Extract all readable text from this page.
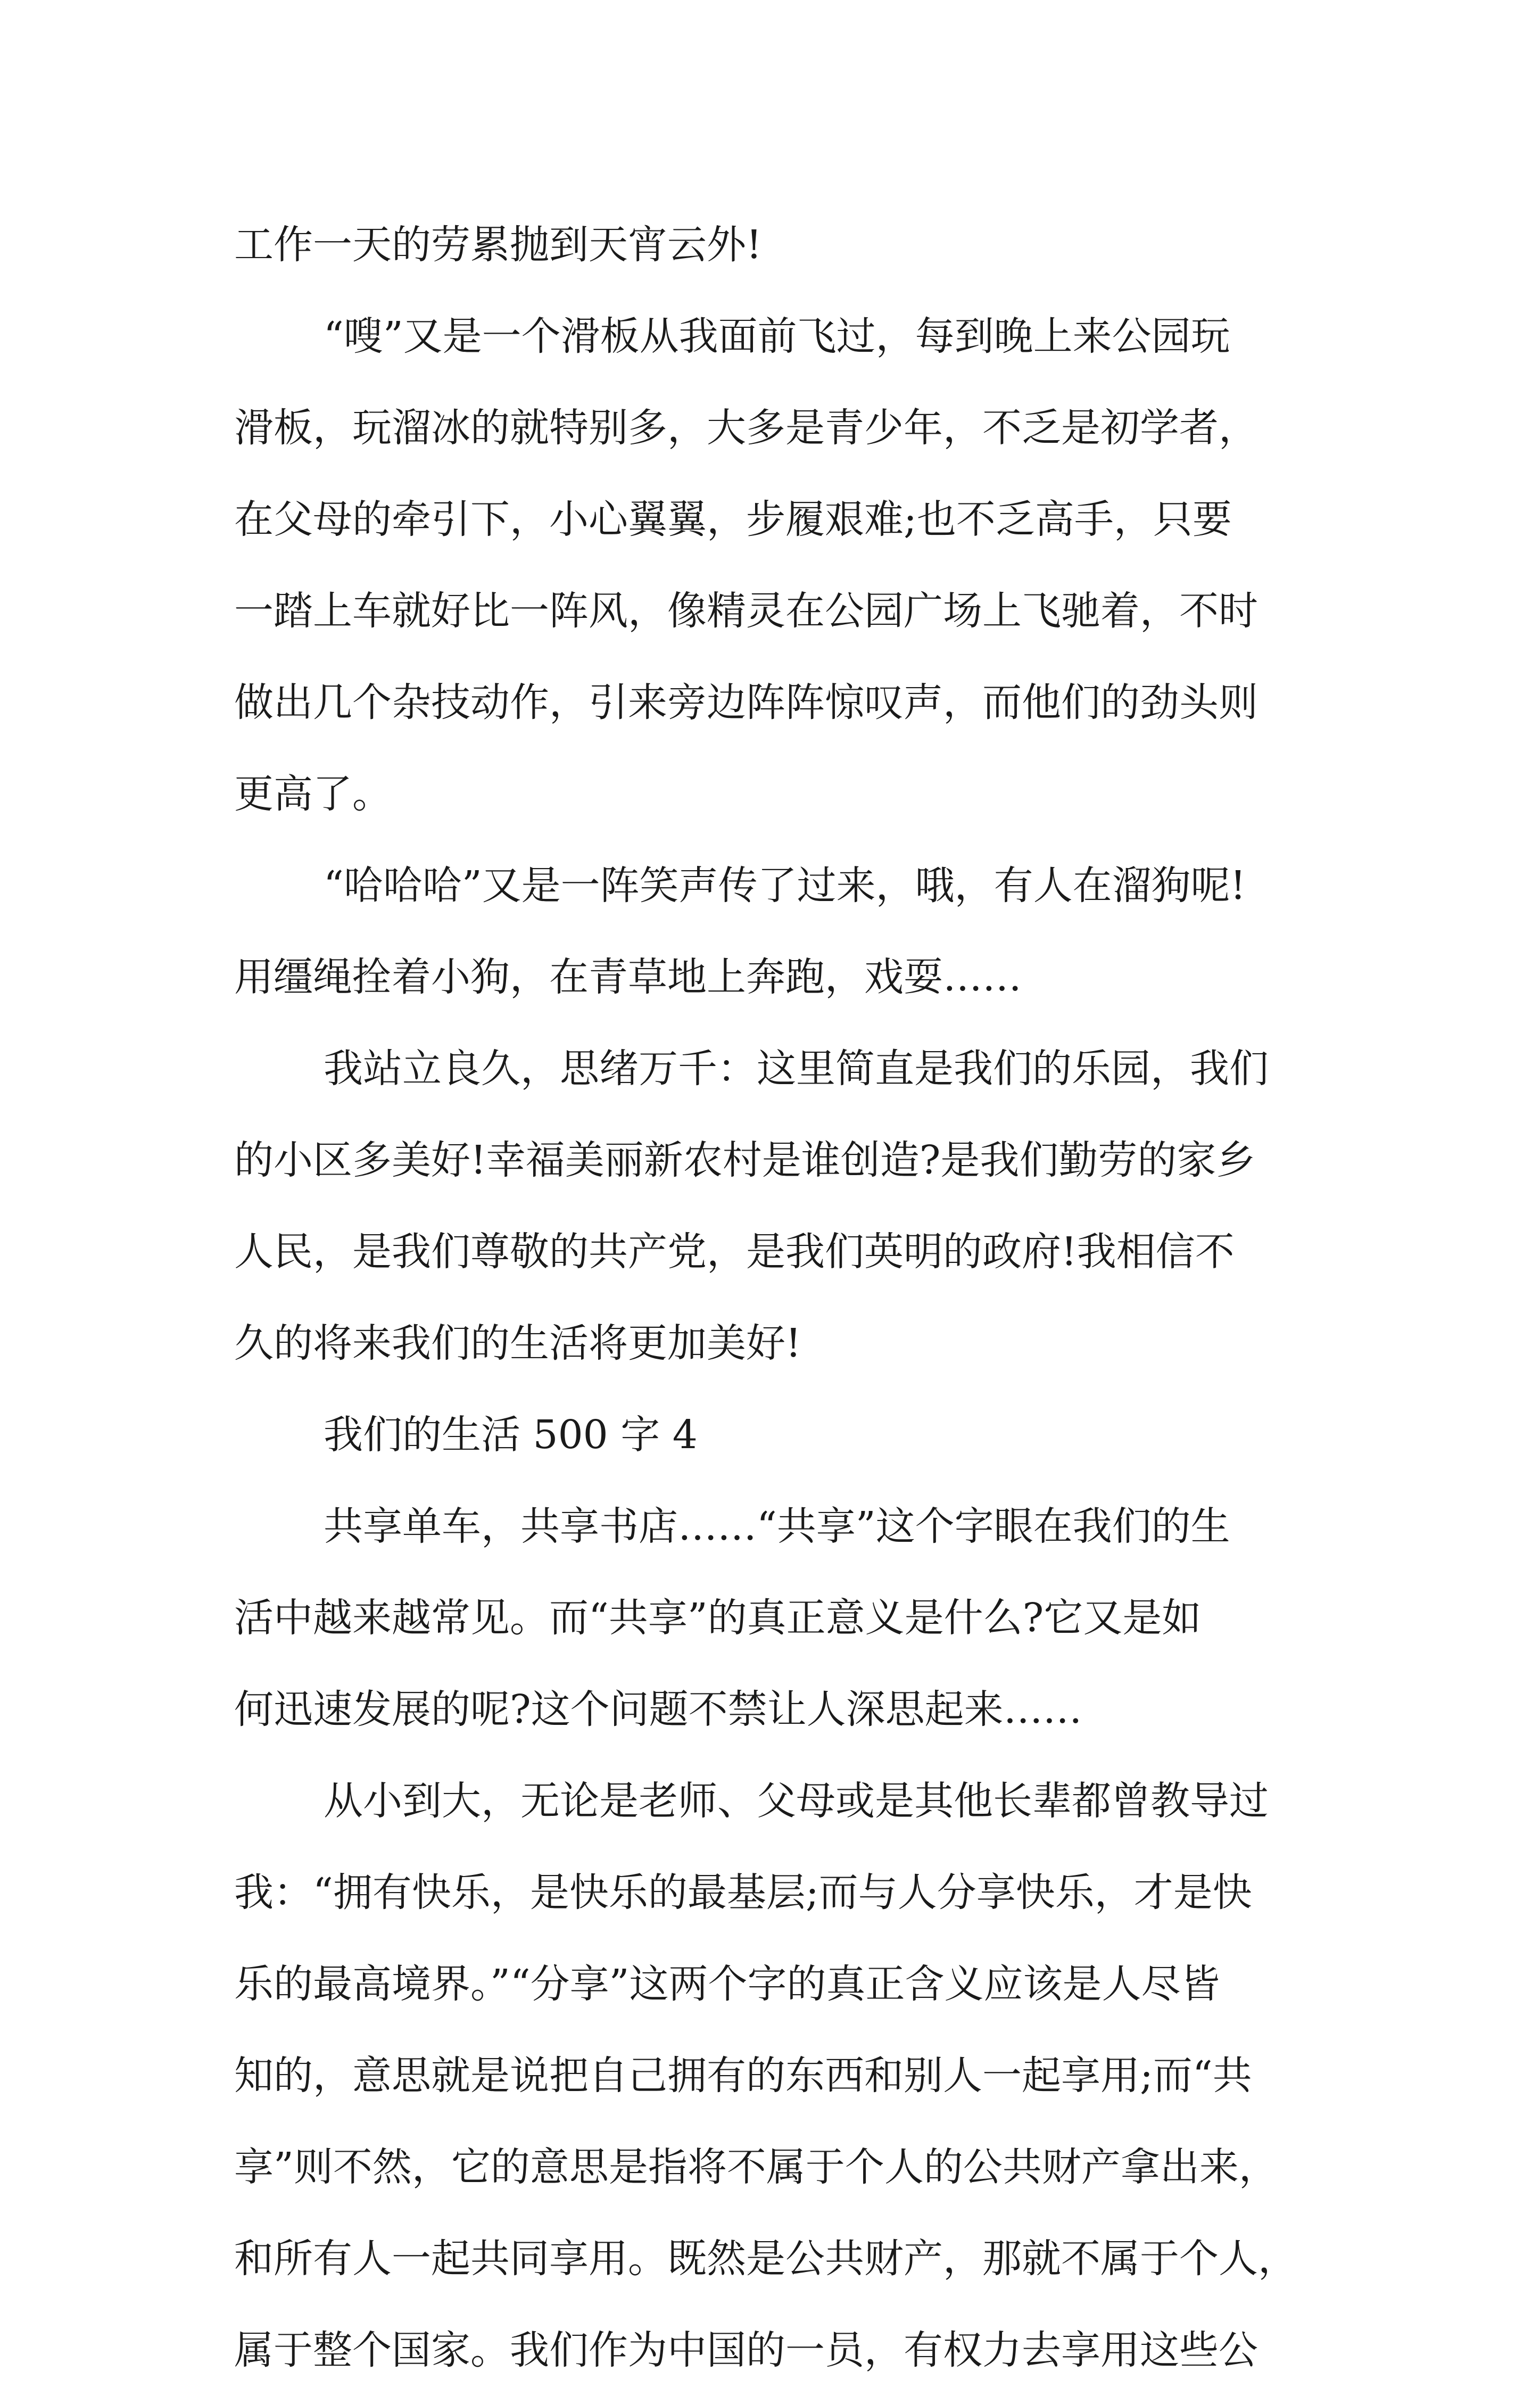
工作一天的劳累抛到天宵云外!
“嗖”又是一个滑板从我面前飞过，每到晚上来公园玩
滑板，玩溜冰的就特别多，大多是青少年，不乏是初学者，
在父母的牵引下，小心翼翼，步履艰难;也不乏高手，只要
一踏上车就好比一阵风，像精灵在公园广场上飞驰着，不时
做出几个杂技动作，引来旁边阵阵惊叹声，而他们的劲头则
更高了。
“哈哈哈”又是一阵笑声传了过来，哦，有人在溜狗呢!
用缰绳拴着小狗，在青草地上奔跑，戏耍……
我站立良久，思绪万千：这里简直是我们的乐园，我们
的小区多美好!幸福美丽新农村是谁创造?是我们勤劳的家乡
人民，是我们尊敬的共产党，是我们英明的政府!我相信不
久的将来我们的生活将更加美好!
我们的生活 500 字 4
共享单车，共享书店……“共享”这个字眼在我们的生
活中越来越常见。而“共享”的真正意义是什么?它又是如
何迅速发展的呢?这个问题不禁让人深思起来……
从小到大，无论是老师、父母或是其他长辈都曾教导过
我：“拥有快乐，是快乐的最基层;而与人分享快乐，才是快
乐的最高境界。”“分享”这两个字的真正含义应该是人尽皆
知的，意思就是说把自己拥有的东西和别人一起享用;而“共
享”则不然，它的意思是指将不属于个人的公共财产拿出来，
和所有人一起共同享用。既然是公共财产，那就不属于个人，
属于整个国家。我们作为中国的一员，有权力去享用这些公
